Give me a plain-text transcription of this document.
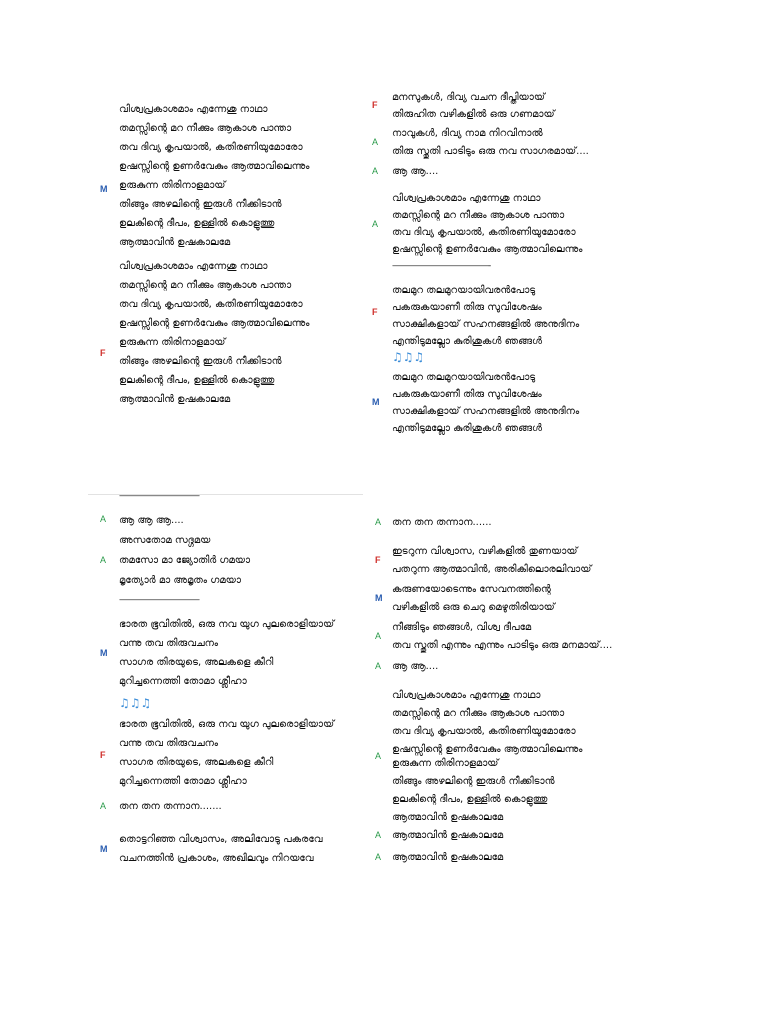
വിശ്വപ്രകാശമാം എന്നേശു നാഥാ
തമസ്സിന്റെ മറ നീക്കും ആകാശ പാന്താ
തവ ദിവ്യ കൃപയാൽ, കതിരണിയുമോരോ
ഉഷസ്സിന്റെ ഉണർവേകും ആത്മാവിലെന്നും
M ഉരുകുന്ന തിരിനാളമായ്
തിങ്ങും അഴലിന്റെ ഇരുൾ നീക്കിടാൻ
ഉലകിന്റെ ദീപം, ഉള്ളിൽ കൊളുത്തു
ആത്മാവിൻ ഉഷകാലമേ
വിശ്വപ്രകാശമാം എന്നേശു നാഥാ
തമസ്സിന്റെ മറ നീക്കും ആകാശ പാന്താ
തവ ദിവ്യ കൃപയാൽ, കതിരണിയുമോരോ
ഉഷസ്സിന്റെ ഉണർവേകും ആത്മാവിലെന്നും
F
ഉരുകുന്ന തിരിനാളമായ്
തിങ്ങും അഴലിന്റെ ഇരുൾ നീക്കിടാൻ
ഉലകിന്റെ ദീപം, ഉള്ളിൽ കൊളുത്തു
ആത്മാവിൻ ഉഷകാലമേ
F
മനസുകൾ, ദിവ്യ വചന ദീപ്തിയായ്
തിരുഹിത വഴികളിൽ ഒരു ഗണമായ്
A
നാവുകൾ, ദിവ്യ നാമ നിറവിനാൽ
തിരു സ്തുതി പാടിടും ഒരു നവ സാഗരമായ്....
A ആ ആ....
വിശ്വപ്രകാശമാം എന്നേശു നാഥാ
തമസ്സിന്റെ മറ നീക്കും ആകാശ പാന്താ
A
തവ ദിവ്യ കൃപയാൽ, കതിരണിയുമോരോ
ഉഷസ്സിന്റെ ഉണർവേകും ആത്മാവിലെന്നും
————————————-
തലമുറ തലമുറയായിവരൻപോടു
പകരുകയാണീ തിരു സുവിശേഷം
F
സാക്ഷികളായ് സഹനങ്ങളിൽ അനുദിനം
എന്തിടുമല്ലോ കുരിശുകൾ ഞങ്ങൾ
♫♫♫
തലമുറ തലമുറയായിവരൻപോടു
പകരുകയാണീ തിരു സുവിശേഷം
M
സാക്ഷികളായ് സഹനങ്ങളിൽ അനുദിനം
എന്തിടുമല്ലോ കുരിശുകൾ ഞങ്ങൾ
——————————
A ആ ആ ആ....
അസതോമ സദ്ഗമയ
A തമസോ മാ ജ്യോതിർ ഗമയാ
മൃത്യോർ മാ അമൃതം ഗമയാ
——————————
ഭാരത ഭൂവിതിൽ, ഒരു നവ യുഗ പുലരൊളിയായ്
വന്നു തവ തിരുവചനം
M
സാഗര തിരയുടെ, അലകളെ കീറി
മുറിച്ചന്നെത്തി തോമാ ശ്ലീഹാ
♫♫♫
ഭാരത ഭൂവിതിൽ, ഒരു നവ യുഗ പുലരൊളിയായ്
വന്നു തവ തിരുവചനം
F
സാഗര തിരയുടെ, അലകളെ കീറി
മുറിച്ചന്നെത്തി തോമാ ശ്ലീഹാ
A തന തന തന്നാന.......
തൊട്ടറിഞ്ഞ വിശ്വാസം, അലിവോടു പകരവേ
M
വചനത്തിൻ പ്രകാശം, അഖിലവും നിറയവേ
A തന തന തന്നാന......
ഇടറുന്ന വിശ്വാസ, വഴികളിൽ തുണയായ്
F
പതറുന്ന ആത്മാവിൻ, അരികിലൊരലിവായ്
കരുണയോടെന്നും സേവനത്തിന്റെ
M
വഴികളിൽ ഒരു ചെറു മെഴുതിരിയായ്
നീങ്ങിടും ഞങ്ങൾ, വിശ്വ ദീപമേ
A
തവ സ്തുതി എന്നും എന്നും പാടിടും ഒരു മനമായ്....
A ആ ആ....
വിശ്വപ്രകാശമാം എന്നേശു നാഥാ
തമസ്സിന്റെ മറ നീക്കും ആകാശ പാന്താ
തവ ദിവ്യ കൃപയാൽ, കതിരണിയുമോരോ
ഉഷസ്സിന്റെ ഉണർവേകും ആത്മാവിലെന്നും
A
ഉരുകുന്ന തിരിനാളമായ്
തിങ്ങും അഴലിന്റെ ഇരുൾ നീക്കിടാൻ
ഉലകിന്റെ ദീപം, ഉള്ളിൽ കൊളുത്തു
ആത്മാവിൻ ഉഷകാലമേ
A ആത്മാവിൻ ഉഷകാലമേ
A ആത്മാവിൻ ഉഷകാലമേ
